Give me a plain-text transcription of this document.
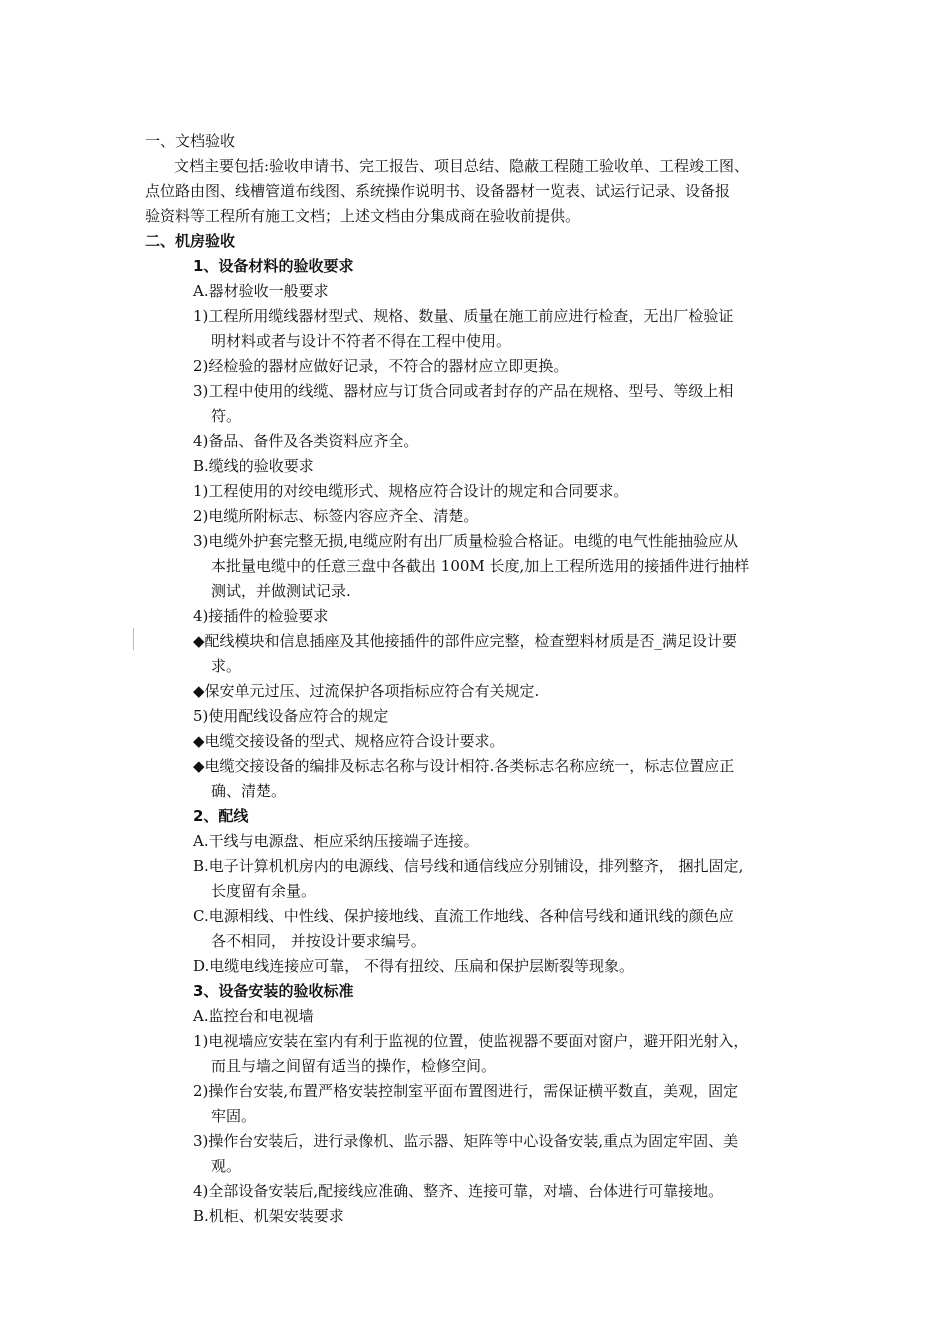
一、文档验收
文档主要包括:验收申请书、完工报告、项目总结、隐蔽工程随工验收单、工程竣工图、
点位路由图、线槽管道布线图、系统操作说明书、设备器材一览表、试运行记录、设备报
验资料等工程所有施工文档；上述文档由分集成商在验收前提供。
二、机房验收
1、设备材料的验收要求
A.器材验收一般要求
1)工程所用缆线器材型式、规格、数量、质量在施工前应进行检查，无出厂检验证
明材料或者与设计不符者不得在工程中使用。
2)经检验的器材应做好记录，不符合的器材应立即更换。
3)工程中使用的线缆、器材应与订货合同或者封存的产品在规格、型号、等级上相
符。
4)备品、备件及各类资料应齐全。
B.缆线的验收要求
1)工程使用的对绞电缆形式、规格应符合设计的规定和合同要求。
2)电缆所附标志、标签内容应齐全、清楚。
3)电缆外护套完整无损,电缆应附有出厂质量检验合格证。电缆的电气性能抽验应从
本批量电缆中的任意三盘中各截出 100M 长度,加上工程所选用的接插件进行抽样
测试，并做测试记录.
4)接插件的检验要求
◆配线模块和信息插座及其他接插件的部件应完整，检查塑料材质是否_满足设计要
求。
◆保安单元过压、过流保护各项指标应符合有关规定.
5)使用配线设备应符合的规定
◆电缆交接设备的型式、规格应符合设计要求。
◆电缆交接设备的编排及标志名称与设计相符.各类标志名称应统一，标志位置应正
确、清楚。
2、配线
A.干线与电源盘、柜应采纳压接端子连接。
B.电子计算机机房内的电源线、信号线和通信线应分别铺设，排列整齐， 捆扎固定,
长度留有余量。
C.电源相线、中性线、保护接地线、直流工作地线、各种信号线和通讯线的颜色应
各不相同， 并按设计要求编号。
D.电缆电线连接应可靠， 不得有扭绞、压扁和保护层断裂等现象。
3、设备安装的验收标准
A.监控台和电视墙
1)电视墙应安装在室内有利于监视的位置，使监视器不要面对窗户，避开阳光射入，
而且与墙之间留有适当的操作，检修空间。
2)操作台安装,布置严格安装控制室平面布置图进行，需保证横平数直，美观，固定
牢固。
3)操作台安装后，进行录像机、监示器、矩阵等中心设备安装,重点为固定牢固、美
观。
4)全部设备安装后,配接线应准确、整齐、连接可靠，对墙、台体进行可靠接地。
B.机柜、机架安装要求
